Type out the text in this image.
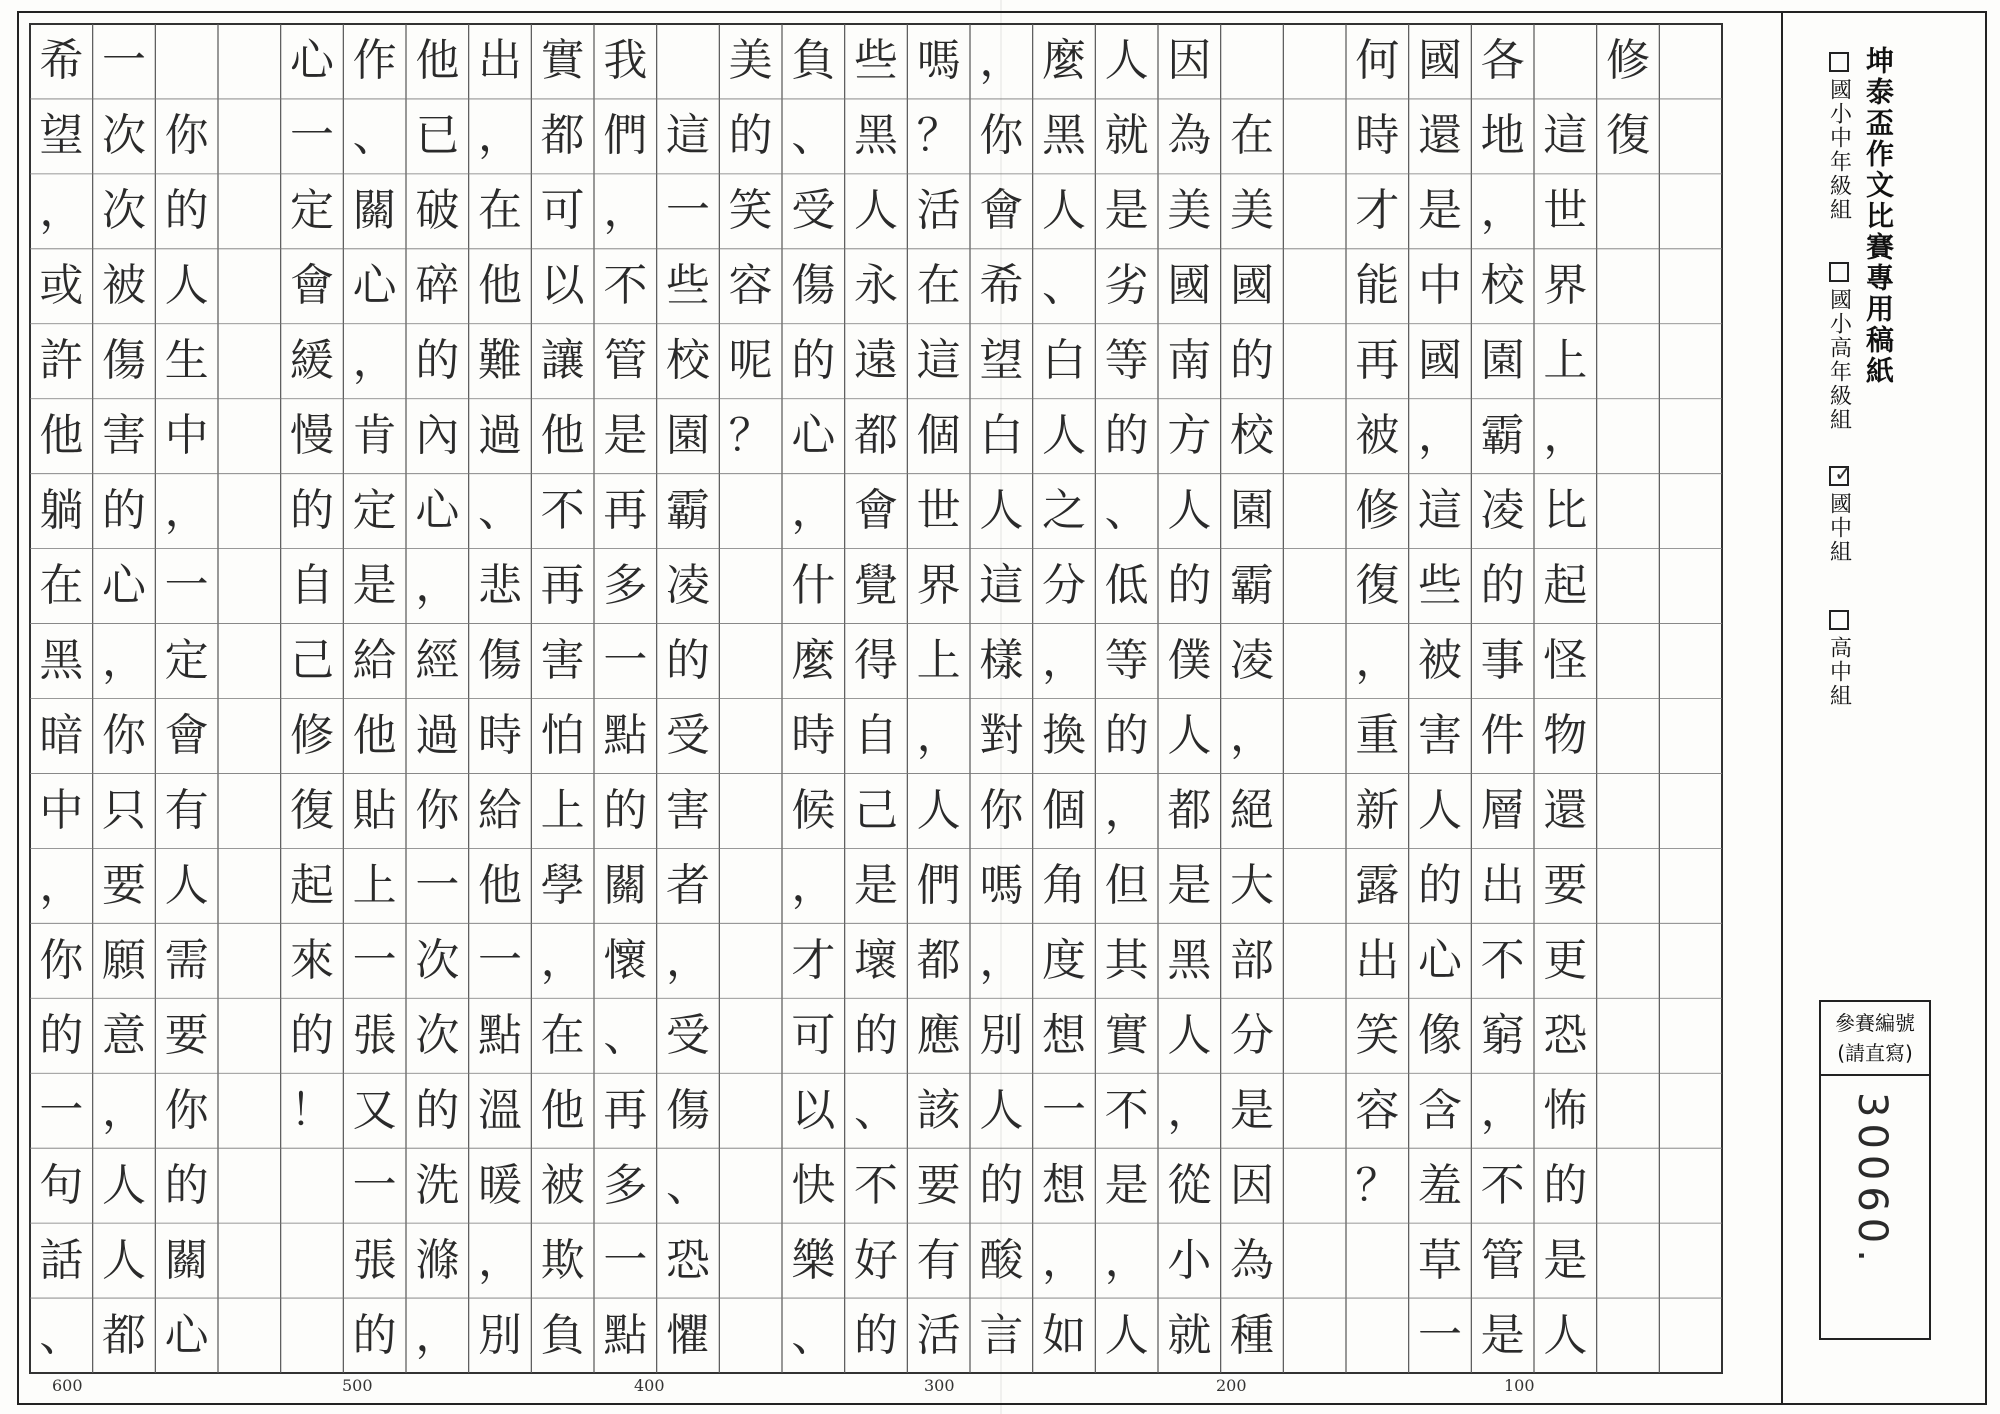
修
復

這
世
界
上
，
比
起
怪
物
還
要
更
恐
怖
的
是
人
各
地
，
校
園
霸
凌
的
事
件
層
出
不
窮
，
不
管
是
國
還
是
中
國
，
這
些
被
害
人
的
心
像
含
羞
草
一
何
時
才
能
再
被
修
復
，
重
新
露
出
笑
容
？

在
美
國
的
校
園
霸
凌
，
絕
大
部
分
是
因
為
種
因
為
美
國
南
方
人
的
僕
人
都
是
黑
人
，
從
小
就
人
就
是
劣
等
的
、
低
等
的
，
但
其
實
不
是
，
人
麼
黑
人
、
白
人
之
分
，
換
個
角
度
想
一
想
，
如
，
你
會
希
望
白
人
這
樣
對
你
嗎
，
別
人
的
酸
言
嗎
？
活
在
這
個
世
界
上
，
人
們
都
應
該
要
有
活
些
黑
人
永
遠
都
會
覺
得
自
己
是
壞
的
、
不
好
的
負
、
受
傷
的
心
，
什
麼
時
候
，
才
可
以
快
樂
、
美
的
笑
容
呢
？

這
一
些
校
園
霸
凌
的
受
害
者
，
受
傷
、
恐
懼
我
們
，
不
管
是
再
多
一
點
的
關
懷
、
再
多
一
點
實
都
可
以
讓
他
不
再
害
怕
上
學
，
在
他
被
欺
負
出
，
在
他
難
過
、
悲
傷
時
給
他
一
點
溫
暖
，
別
他
已
破
碎
的
內
心
，
經
過
你
一
次
次
的
洗
滌
，
作
、
關
心
，
肯
定
是
給
他
貼
上
一
張
又
一
張
的
心
一
定
會
緩
慢
的
自
己
修
復
起
來
的
！

你
的
人
生
中
，
一
定
會
有
人
需
要
你
的
關
心
一
次
次
被
傷
害
的
心
，
你
只
要
願
意
，
人
人
都
希
望
，
或
許
他
躺
在
黑
暗
中
，
你
的
一
句
話
、
100
200
300
400
500
600
坤泰盃作文比賽專用稿紙
國小中年級組
國小高年級組
✓
國中組
高中組
參賽編號
(請直寫)
30060.
